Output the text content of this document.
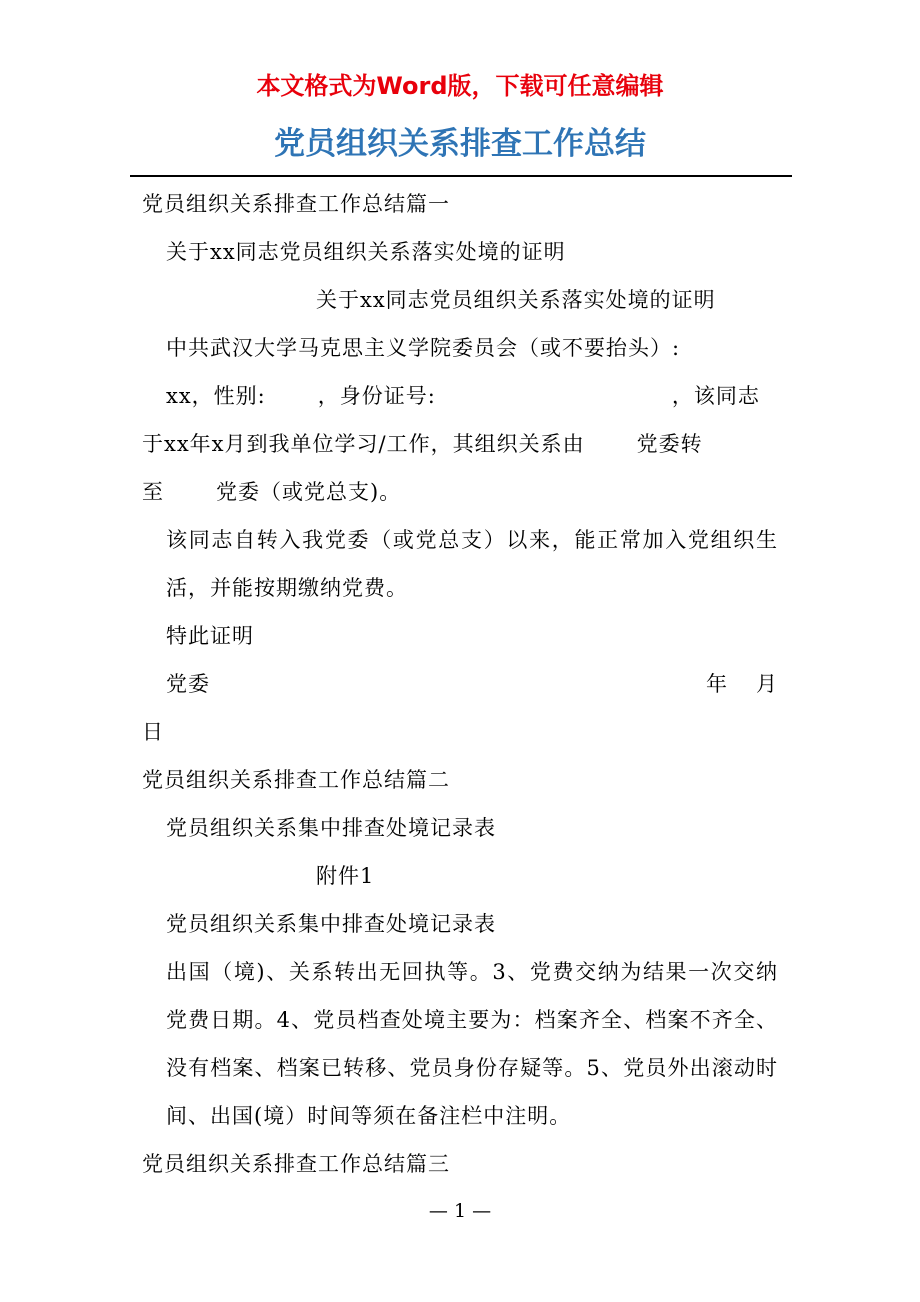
本文格式为Word版，下载可任意编辑
党员组织关系排查工作总结

党员组织关系排查工作总结篇一

关于xx同志党员组织关系落实处境的证明

关于xx同志党员组织关系落实处境的证明

中共武汉大学马克思主义学院委员会（或不要抬头）:

xx，性别: ，身份证号:	，该同志

于xx年x月到我单位学习/工作，其组织关系由 党委转

至 党委（或党总支)。

该同志自转入我党委（或党总支）以来，能正常加入党组织生活，并能按期缴纳党费。

特此证明

党委	年 月

日

党员组织关系排查工作总结篇二

党员组织关系集中排查处境记录表

附件1

党员组织关系集中排查处境记录表

出国（境)、关系转出无回执等。3、党费交纳为结果一次交纳党费日期。4、党员档查处境主要为：档案齐全、档案不齐全、没有档案、档案已转移、党员身份存疑等。5、党员外出滚动时间、出国(境）时间等须在备注栏中注明。

党员组织关系排查工作总结篇三

— 1 —
